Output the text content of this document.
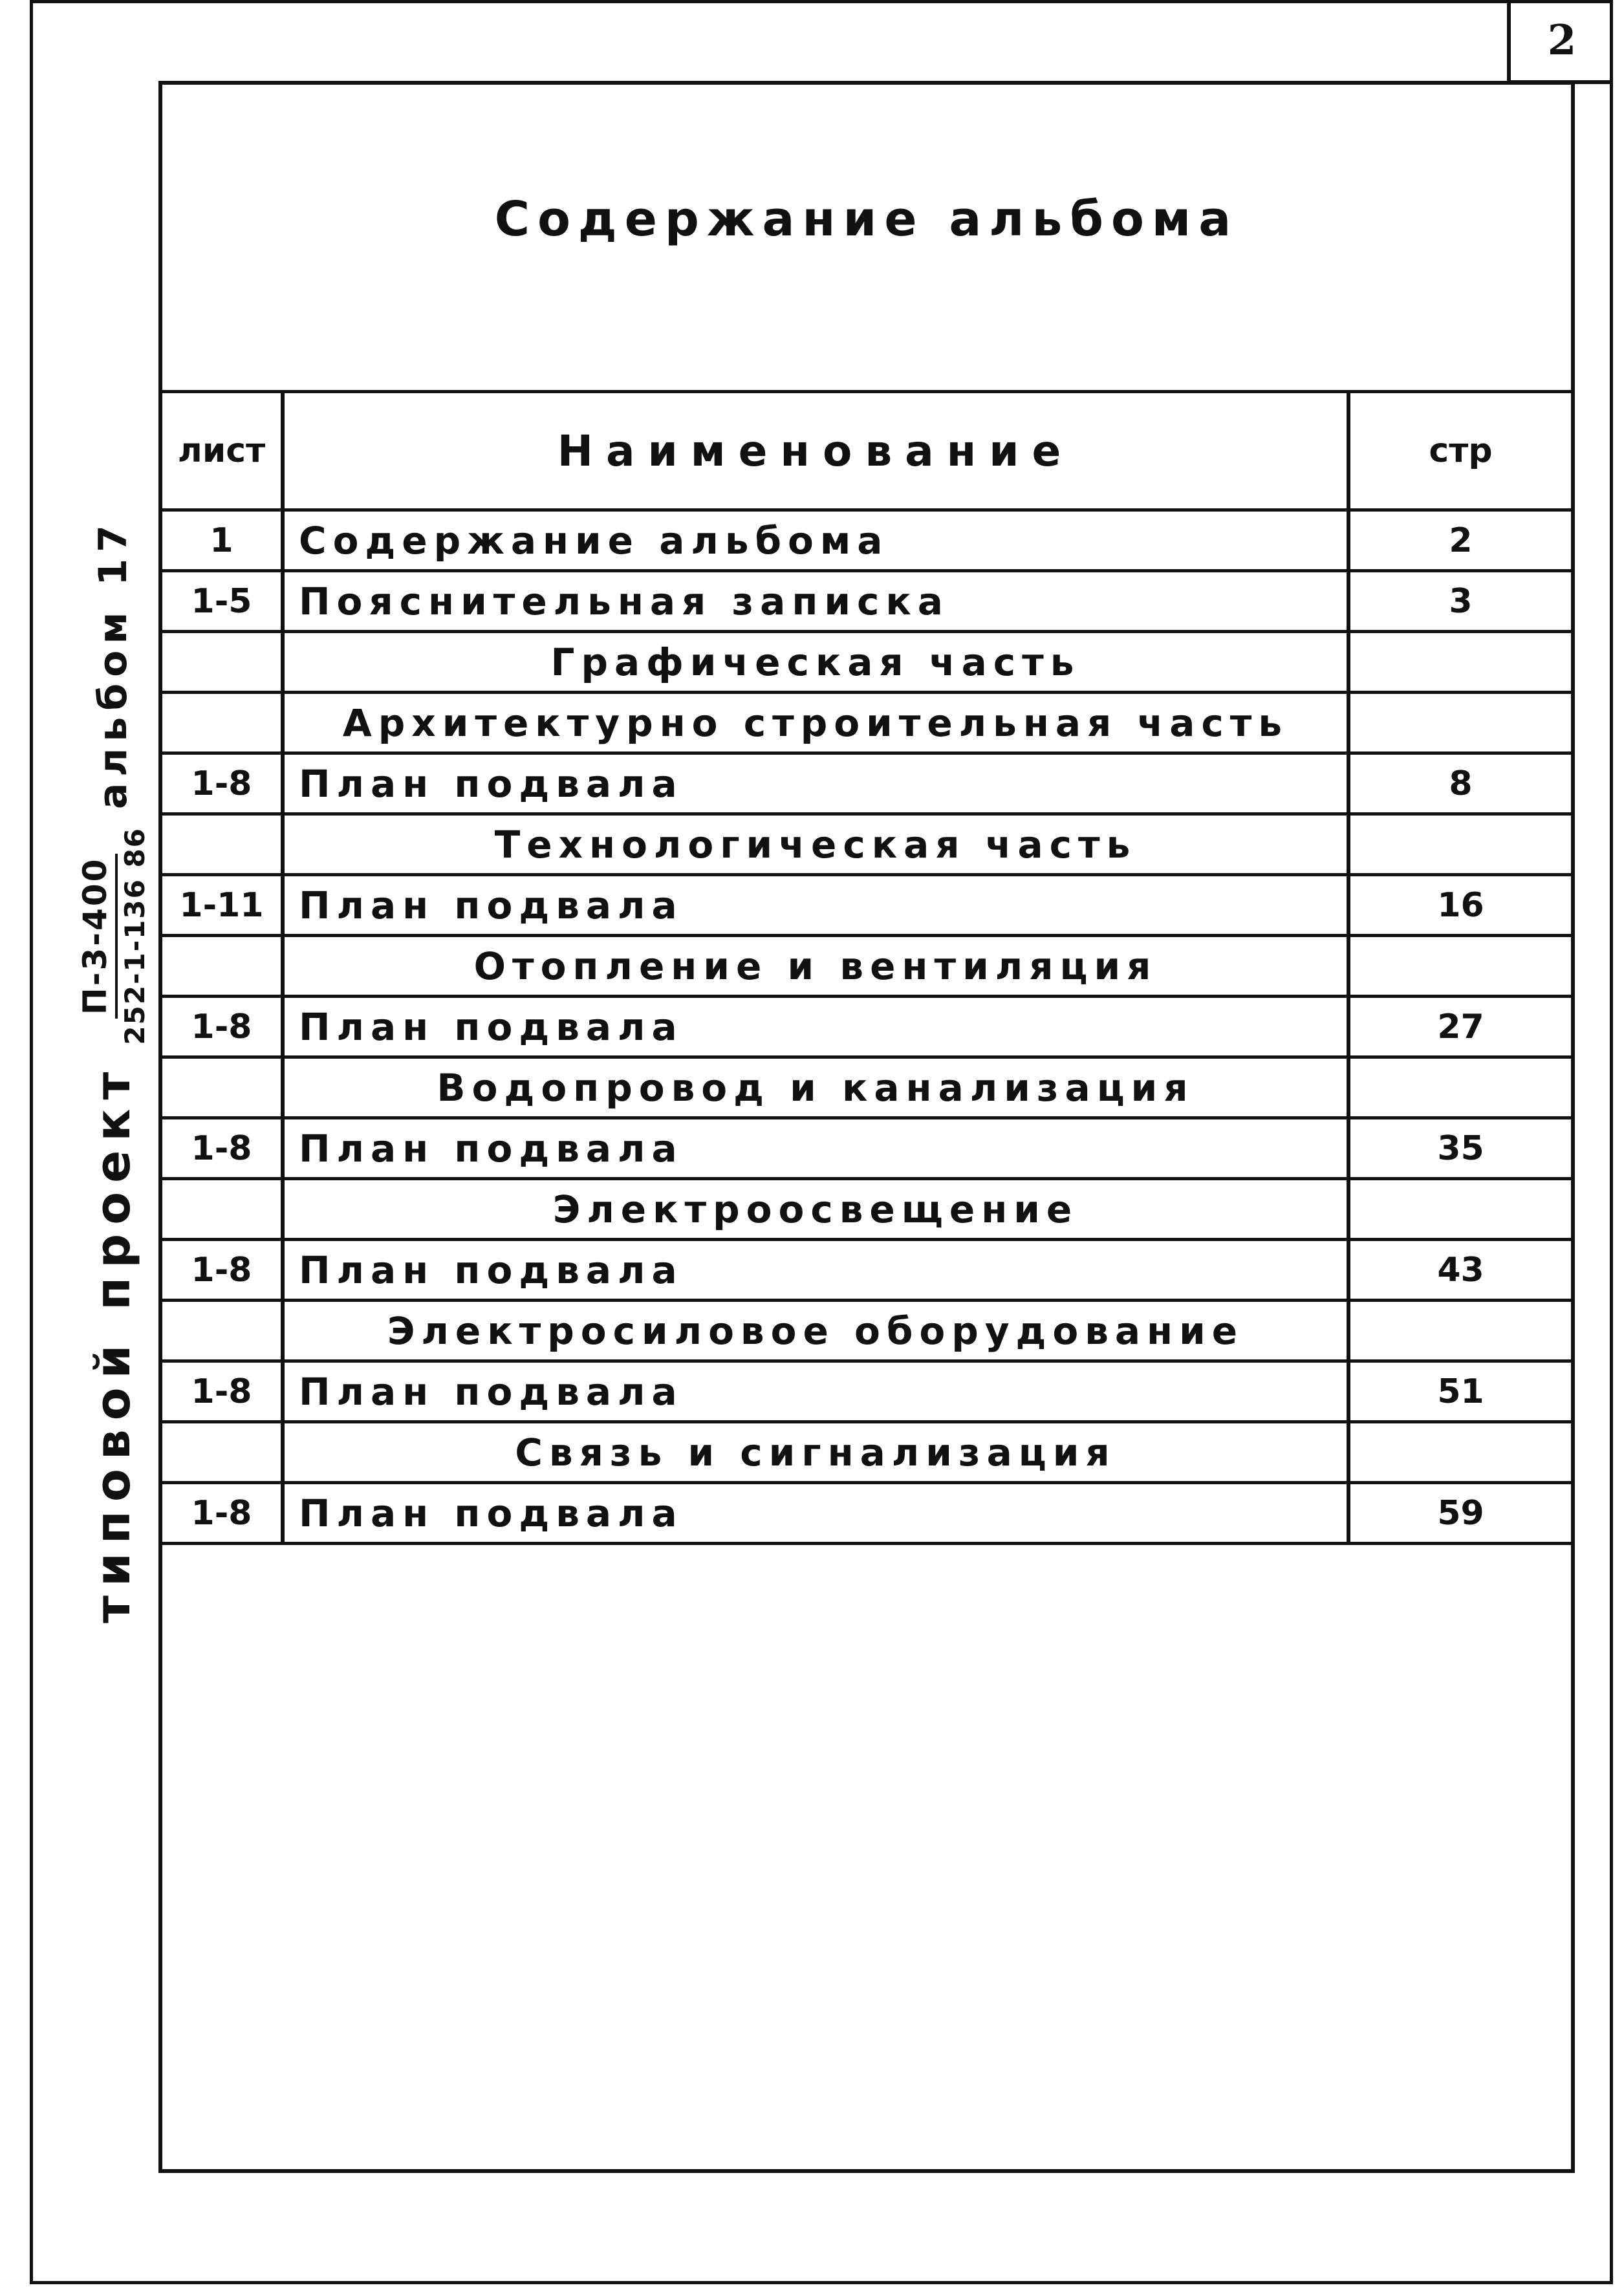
2
типовой проект
П-3-400 252-1-136 86
альбом 17
Содержание альбома
лист	Наименование	стр
1	Содержание альбома	2
1-5	Пояснительная записка	3
	Графическая часть	
	Архитектурно строительная часть	
1-8	План подвала	8
	Технологическая часть	
1-11	План подвала	16
	Отопление и вентиляция	
1-8	План подвала	27
	Водопровод и канализация	
1-8	План подвала	35
	Электроосвещение	
1-8	План подвала	43
	Электросиловое оборудование	
1-8	План подвала	51
	Связь и сигнализация	
1-8	План подвала	59
